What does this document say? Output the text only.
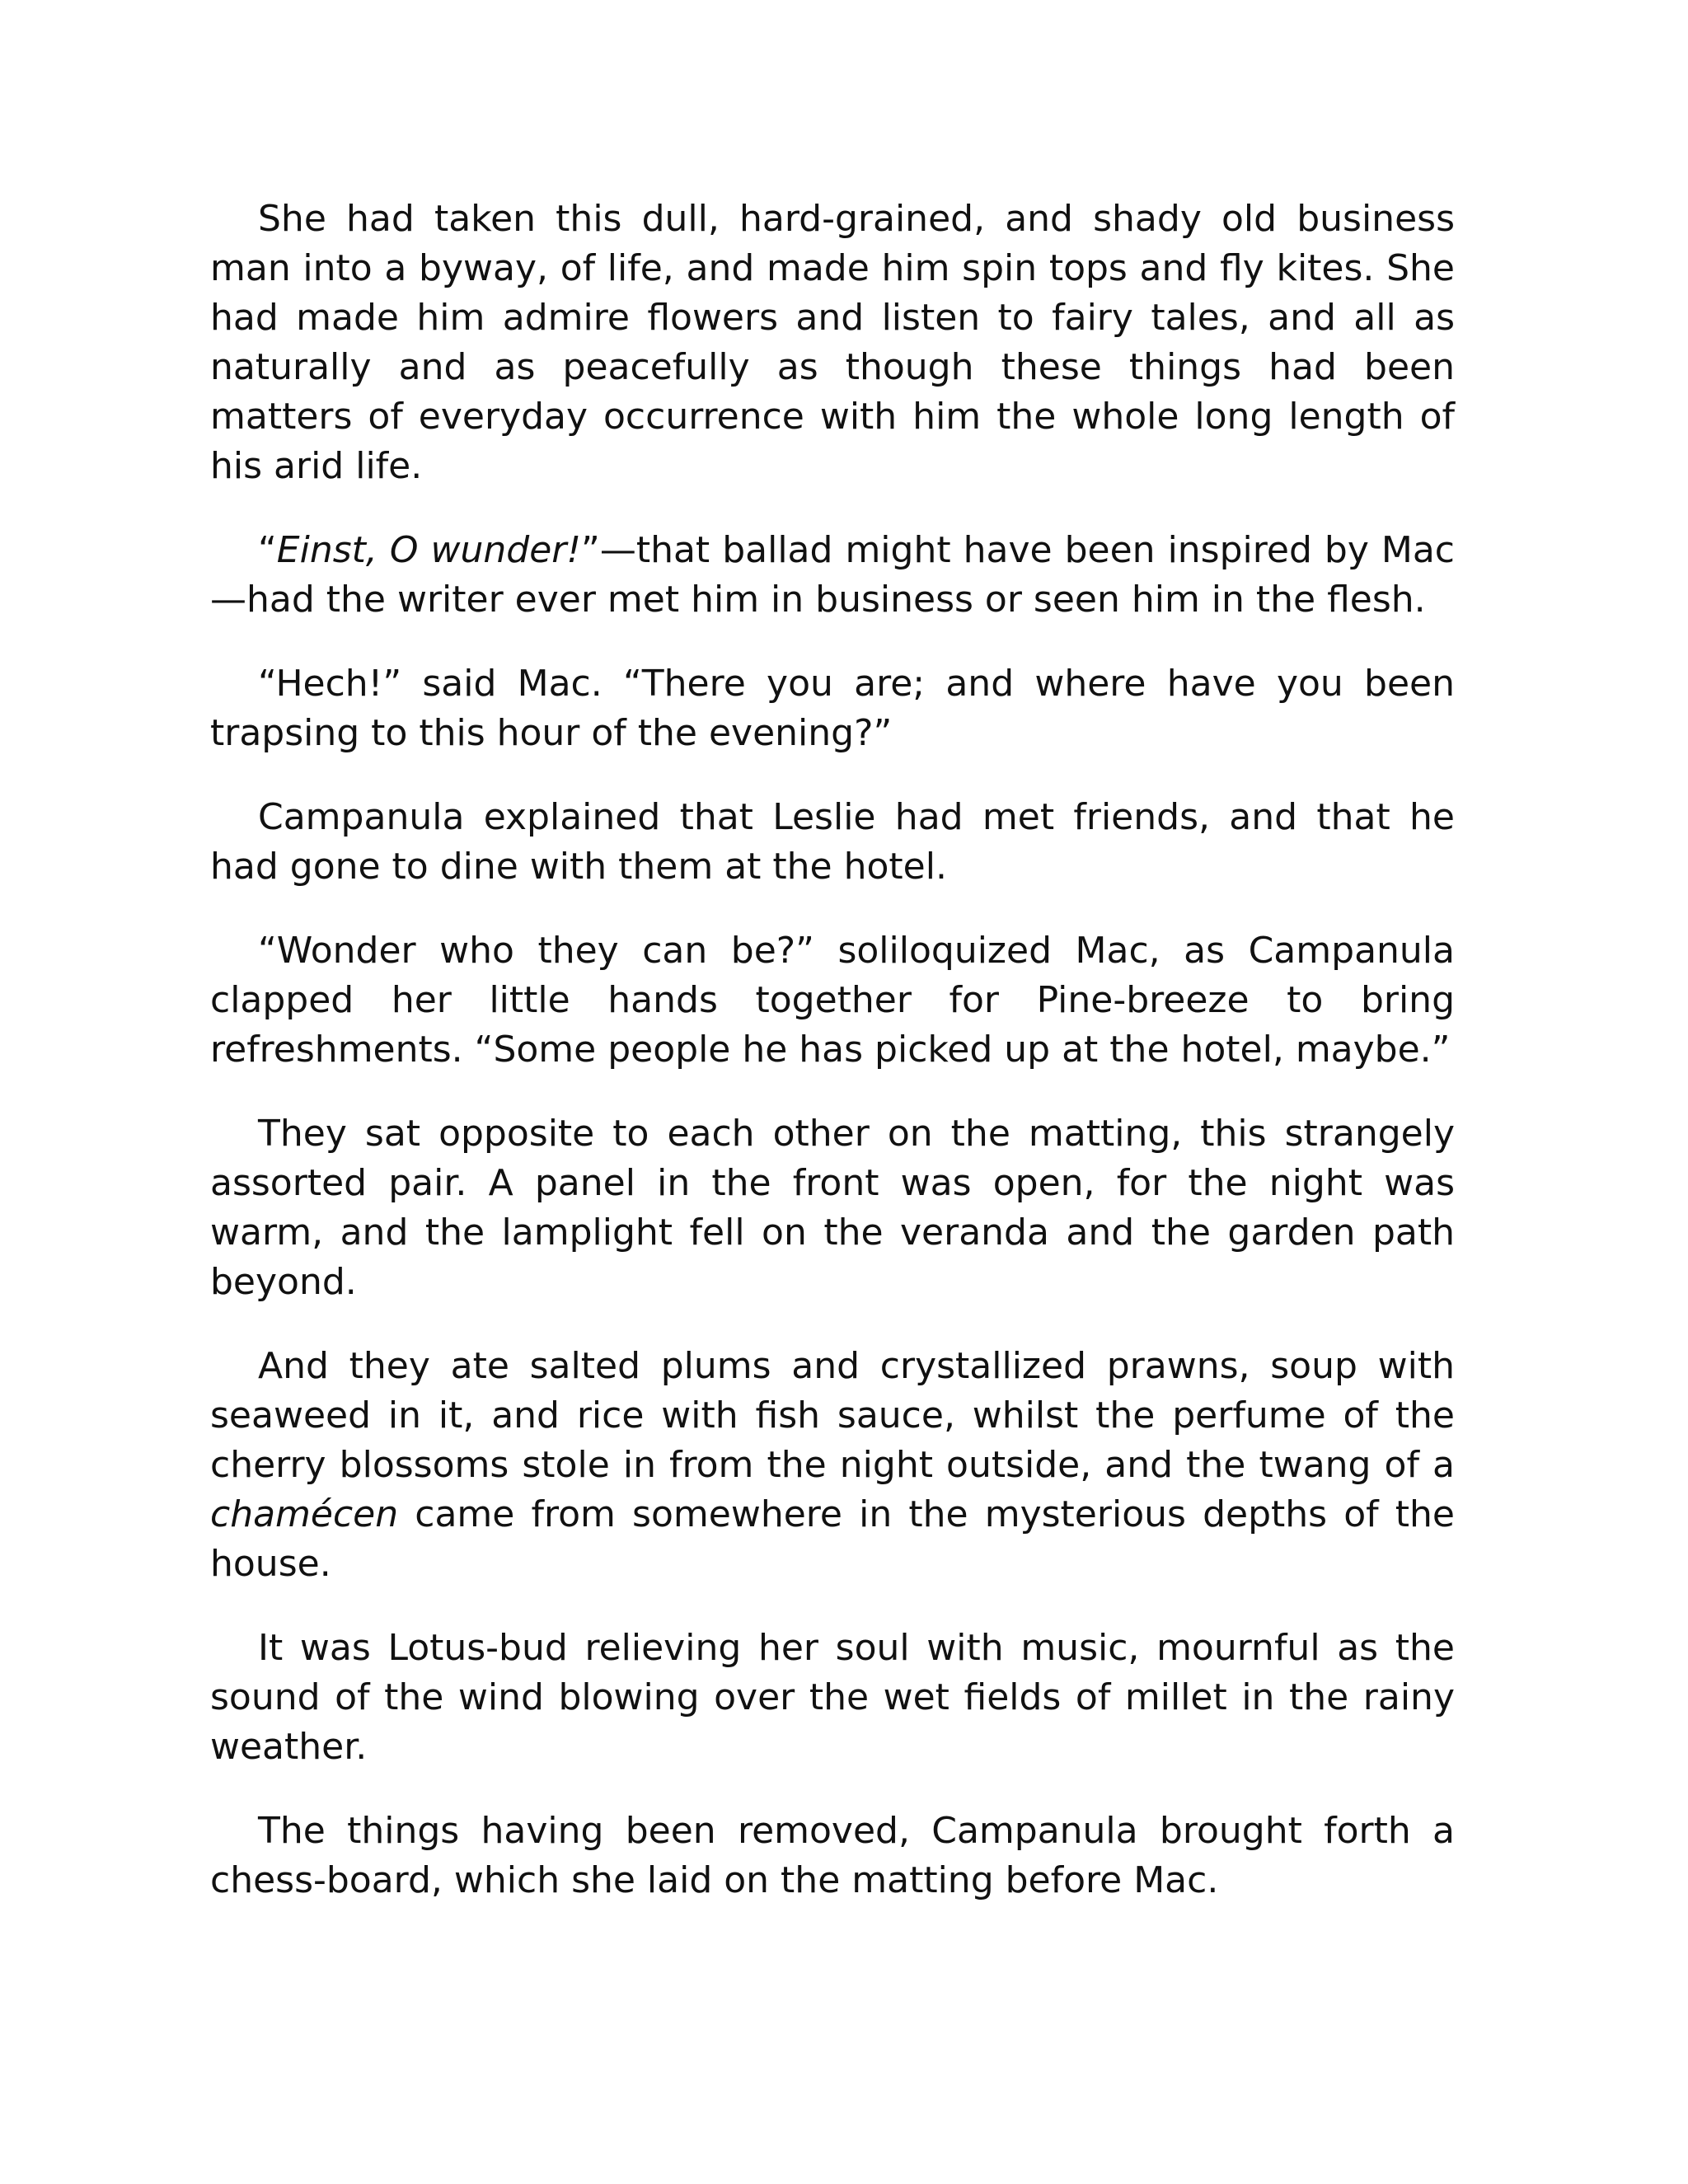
She had taken this dull, hard-grained, and shady old business man into a byway, of life, and made him spin tops and fly kites. She had made him admire flowers and listen to fairy tales, and all as naturally and as peacefully as though these things had been matters of everyday occurrence with him the whole long length of his arid life.

“Einst, O wunder!”—that ballad might have been inspired by Mac —had the writer ever met him in business or seen him in the flesh.

“Hech!” said Mac. “There you are; and where have you been trapsing to this hour of the evening?”

Campanula explained that Leslie had met friends, and that he had gone to dine with them at the hotel.

“Wonder who they can be?” soliloquized Mac, as Campanula clapped her little hands together for Pine-breeze to bring refreshments. “Some people he has picked up at the hotel, maybe.”

They sat opposite to each other on the matting, this strangely assorted pair. A panel in the front was open, for the night was warm, and the lamplight fell on the veranda and the garden path beyond.

And they ate salted plums and crystallized prawns, soup with seaweed in it, and rice with fish sauce, whilst the perfume of the cherry blossoms stole in from the night outside, and the twang of a chamécen came from somewhere in the mysterious depths of the house.

It was Lotus-bud relieving her soul with music, mournful as the sound of the wind blowing over the wet fields of millet in the rainy weather.

The things having been removed, Campanula brought forth a chess-board, which she laid on the matting before Mac.
